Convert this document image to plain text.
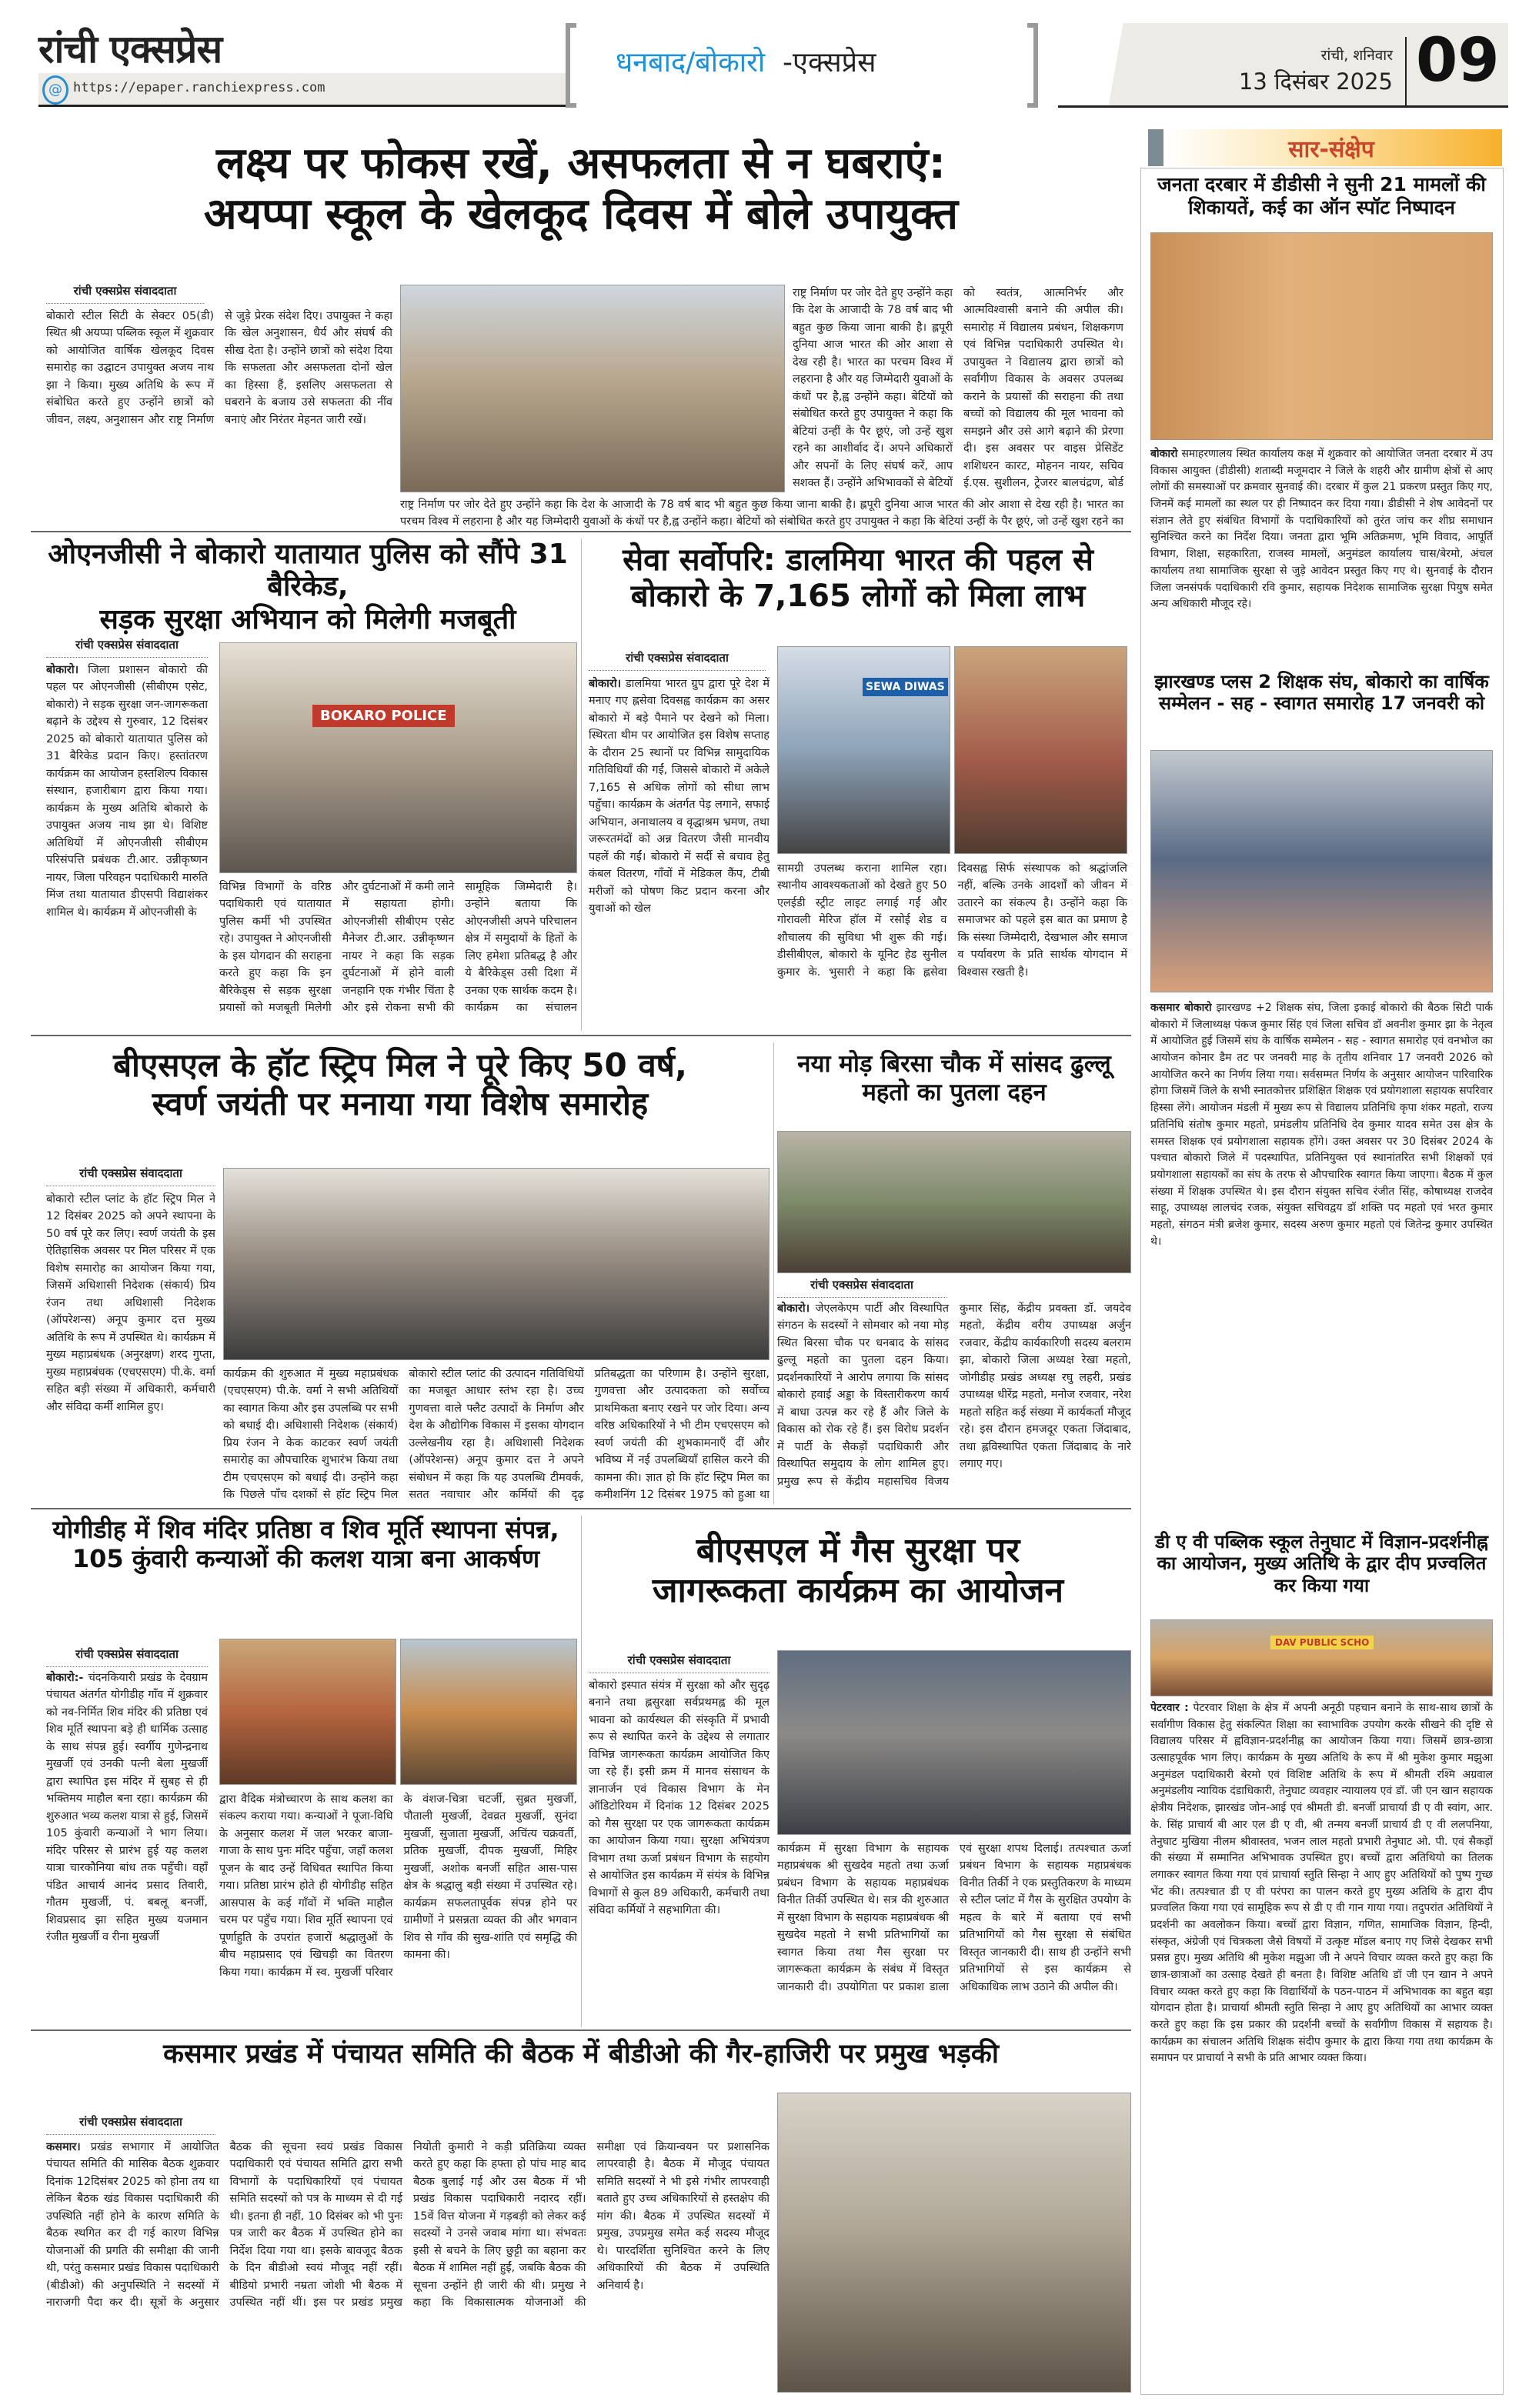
रांची एक्सप्रेस
@ https://epaper.ranchiexpress.com
धनबाद/बोकारो -एक्सप्रेस	रांची, शनिवार
13 दिसंबर 2025 09
लक्ष्य पर फोकस रखें, असफलता से न घबराएं:
अयप्पा स्कूल के खेलकूद दिवस में बोले उपायुक्त
रांची एक्सप्रेस संवाददाता
बोकारो स्टील सिटी के सेक्टर 05(डी) स्थित श्री अयप्पा पब्लिक स्कूल में शुक्रवार को आयोजित वार्षिक खेलकूद दिवस समारोह का उद्घाटन उपायुक्त अजय नाथ झा ने किया। मुख्य अतिथि के रूप में संबोधित करते हुए उन्होंने छात्रों को जीवन, लक्ष्य, अनुशासन और राष्ट्र निर्माण से जुड़े प्रेरक संदेश दिए। उपायुक्त ने कहा कि खेल अनुशासन, धैर्य और संघर्ष की सीख देता है। उन्होंने छात्रों को संदेश दिया कि सफलता और असफलता दोनों खेल का हिस्सा हैं, इसलिए असफलता से घबराने के बजाय उसे सफलता की नींव बनाएं और निरंतर मेहनत जारी रखें।
राष्ट्र निर्माण पर जोर देते हुए उन्होंने कहा कि देश के आजादी के 78 वर्ष बाद भी बहुत कुछ किया जाना बाकी है। ह्लपूरी दुनिया आज भारत की ओर आशा से देख रही है। भारत का परचम विश्व में लहराना है और यह जिम्मेदारी युवाओं के कंधों पर है,ह्व उन्होंने कहा। बेटियों को संबोधित करते हुए उपायुक्त ने कहा कि बेटियां उन्हीं के पैर छूएं, जो उन्हें खुश रहने का
राष्ट्र निर्माण पर जोर देते हुए उन्होंने कहा कि देश के आजादी के 78 वर्ष बाद भी बहुत कुछ किया जाना बाकी है। ह्लपूरी दुनिया आज भारत की ओर आशा से देख रही है। भारत का परचम विश्व में लहराना है और यह जिम्मेदारी युवाओं के कंधों पर है,ह्व उन्होंने कहा। बेटियों को संबोधित करते हुए उपायुक्त ने कहा कि बेटियां उन्हीं के पैर छूएं, जो उन्हें खुश रहने का आशीर्वाद दें। अपने अधिकारों और सपनों के लिए संघर्ष करें, आप सशक्त हैं। उन्होंने अभिभावकों से बेटियों को स्वतंत्र, आत्मनिर्भर और आत्मविश्वासी बनाने की अपील की। समारोह में विद्यालय प्रबंधन, शिक्षकगण एवं विभिन्न पदाधिकारी उपस्थित थे। उपायुक्त ने विद्यालय द्वारा छात्रों को सर्वांगीण विकास के अवसर उपलब्ध कराने के प्रयासों की सराहना की तथा बच्चों को विद्यालय की मूल भावना को समझने और उसे आगे बढ़ाने की प्रेरणा दी। इस अवसर पर वाइस प्रेसिडेंट शशिधरन कारट, मोहनन नायर, सचिव ई.एस. सुशीलन, ट्रेजरर बालचंद्रण, बोर्ड
ओएनजीसी ने बोकारो यातायात पुलिस को सौंपे 31 बैरिकेड,
सड़क सुरक्षा अभियान को मिलेगी मजबूती
रांची एक्सप्रेस संवाददाता
बोकारो। जिला प्रशासन बोकारो की पहल पर ओएनजीसी (सीबीएम एसेट, बोकारो) ने सड़क सुरक्षा जन-जागरूकता बढ़ाने के उद्देश्य से गुरुवार, 12 दिसंबर 2025 को बोकारो यातायात पुलिस को 31 बैरिकेड प्रदान किए। हस्तांतरण कार्यक्रम का आयोजन हस्तशिल्प विकास संस्थान, हजारीबाग द्वारा किया गया। कार्यक्रम के मुख्य अतिथि बोकारो के उपायुक्त अजय नाथ झा थे। विशिष्ट अतिथियों में ओएनजीसी सीबीएम परिसंपत्ति प्रबंधक टी.आर. उन्नीकृष्णन नायर, जिला परिवहन पदाधिकारी मारुति मिंज तथा यातायात डीएसपी विद्याशंकर शामिल थे। कार्यक्रम में ओएनजीसी के
BOKARO POLICE
विभिन्न विभागों के वरिष्ठ पदाधिकारी एवं यातायात पुलिस कर्मी भी उपस्थित रहे। उपायुक्त ने ओएनजीसी के इस योगदान की सराहना करते हुए कहा कि इन बैरिकेड्स से सड़क सुरक्षा प्रयासों को मजबूती मिलेगी और दुर्घटनाओं में कमी लाने में सहायता होगी। ओएनजीसी सीबीएम एसेट मैनेजर टी.आर. उन्नीकृष्णन नायर ने कहा कि सड़क दुर्घटनाओं में होने वाली जनहानि एक गंभीर चिंता है और इसे रोकना सभी की सामूहिक जिम्मेदारी है। उन्होंने बताया कि ओएनजीसी अपने परिचालन क्षेत्र में समुदायों के हितों के लिए हमेशा प्रतिबद्ध है और ये बैरिकेड्स उसी दिशा में उनका एक सार्थक कदम है। कार्यक्रम का संचालन
सेवा सर्वोपरि: डालमिया भारत की पहल से
बोकारो के 7,165 लोगों को मिला लाभ
रांची एक्सप्रेस संवाददाता
बोकारो। डालमिया भारत ग्रुप द्वारा पूरे देश में मनाए गए ह्लसेवा दिवसह्व कार्यक्रम का असर बोकारो में बड़े पैमाने पर देखने को मिला। स्थिरता थीम पर आयोजित इस विशेष सप्ताह के दौरान 25 स्थानों पर विभिन्न सामुदायिक गतिविधियाँ की गईं, जिससे बोकारो में अकेले 7,165 से अधिक लोगों को सीधा लाभ पहुँचा। कार्यक्रम के अंतर्गत पेड़ लगाने, सफाई अभियान, अनाथालय व वृद्धाश्रम भ्रमण, तथा जरूरतमंदों को अन्न वितरण जैसी मानवीय पहलें की गईं। बोकारो में सर्दी से बचाव हेतु कंबल वितरण, गाँवों में मेडिकल कैंप, टीबी मरीजों को पोषण किट प्रदान करना और युवाओं को खेल
SEWA DIWAS
सामग्री उपलब्ध कराना शामिल रहा। स्थानीय आवश्यकताओं को देखते हुए 50 एलईडी स्ट्रीट लाइट लगाई गईं और गोरावली मेरिज हॉल में रसोई शेड व शौचालय की सुविधा भी शुरू की गई। डीसीबीएल, बोकारो के यूनिट हेड सुनील कुमार के. भुसारी ने कहा कि ह्लसेवा दिवसह्व सिर्फ संस्थापक को श्रद्धांजलि नहीं, बल्कि उनके आदर्शों को जीवन में उतारने का संकल्प है। उन्होंने कहा कि समाजभर को पहले इस बात का प्रमाण है कि संस्था जिम्मेदारी, देखभाल और समाज व पर्यावरण के प्रति सार्थक योगदान में विश्वास रखती है।
बीएसएल के हॉट स्ट्रिप मिल ने पूरे किए 50 वर्ष,
स्वर्ण जयंती पर मनाया गया विशेष समारोह
रांची एक्सप्रेस संवाददाता
बोकारो स्टील प्लांट के हॉट स्ट्रिप मिल ने 12 दिसंबर 2025 को अपने स्थापना के 50 वर्ष पूरे कर लिए। स्वर्ण जयंती के इस ऐतिहासिक अवसर पर मिल परिसर में एक विशेष समारोह का आयोजन किया गया, जिसमें अधिशासी निदेशक (संकार्य) प्रिय रंजन तथा अधिशासी निदेशक (ऑपरेशन्स) अनूप कुमार दत्त मुख्य अतिथि के रूप में उपस्थित थे। कार्यक्रम में मुख्य महाप्रबंधक (अनुरक्षण) शरद गुप्ता, मुख्य महाप्रबंधक (एचएसएम) पी.के. वर्मा सहित बड़ी संख्या में अधिकारी, कर्मचारी और संविदा कर्मी शामिल हुए।
कार्यक्रम की शुरुआत में मुख्य महाप्रबंधक (एचएसएम) पी.के. वर्मा ने सभी अतिथियों का स्वागत किया और इस उपलब्धि पर सभी को बधाई दी। अधिशासी निदेशक (संकार्य) प्रिय रंजन ने केक काटकर स्वर्ण जयंती समारोह का औपचारिक शुभारंभ किया तथा टीम एचएसएम को बधाई दी। उन्होंने कहा कि पिछले पाँच दशकों से हॉट स्ट्रिप मिल बोकारो स्टील प्लांट की उत्पादन गतिविधियों का मजबूत आधार स्तंभ रहा है। उच्च गुणवत्ता वाले फ्लैट उत्पादों के निर्माण और देश के औद्योगिक विकास में इसका योगदान उल्लेखनीय रहा है। अधिशासी निदेशक (ऑपरेशन्स) अनूप कुमार दत्त ने अपने संबोधन में कहा कि यह उपलब्धि टीमवर्क, सतत नवाचार और कर्मियों की दृढ़ प्रतिबद्धता का परिणाम है। उन्होंने सुरक्षा, गुणवत्ता और उत्पादकता को सर्वोच्च प्राथमिकता बनाए रखने पर जोर दिया। अन्य वरिष्ठ अधिकारियों ने भी टीम एचएसएम को स्वर्ण जयंती की शुभकामनाएँ दीं और भविष्य में नई उपलब्धियाँ हासिल करने की कामना की। ज्ञात हो कि हॉट स्ट्रिप मिल का कमीशनिंग 12 दिसंबर 1975 को हुआ था
नया मोड़ बिरसा चौक में सांसद ढुल्लू
महतो का पुतला दहन
रांची एक्सप्रेस संवाददाता
बोकारो। जेएलकेएम पार्टी और विस्थापित संगठन के सदस्यों ने सोमवार को नया मोड़ स्थित बिरसा चौक पर धनबाद के सांसद ढुल्लू महतो का पुतला दहन किया। प्रदर्शनकारियों ने आरोप लगाया कि सांसद बोकारो हवाई अड्डा के विस्तारीकरण कार्य में बाधा उत्पन्न कर रहे हैं और जिले के विकास को रोक रहे हैं। इस विरोध प्रदर्शन में पार्टी के सैकड़ों पदाधिकारी और विस्थापित समुदाय के लोग शामिल हुए। प्रमुख रूप से केंद्रीय महासचिव विजय कुमार सिंह, केंद्रीय प्रवक्ता डॉ. जयदेव महतो, केंद्रीय वरीय उपाध्यक्ष अर्जुन रजवार, केंद्रीय कार्यकारिणी सदस्य बलराम झा, बोकारो जिला अध्यक्ष रेखा महतो, जोगीडीह प्रखंड अध्यक्ष रघु लहरी, प्रखंड उपाध्यक्ष धीरेंद्र महतो, मनोज रजवार, नरेश महतो सहित कई संख्या में कार्यकर्ता मौजूद रहे। इस दौरान हमजदूर एकता जिंदाबाद, तथा ह्लविस्थापित एकता जिंदाबाद के नारे लगाए गए।
योगीडीह में शिव मंदिर प्रतिष्ठा व शिव मूर्ति स्थापना संपन्न,
105 कुंवारी कन्याओं की कलश यात्रा बना आकर्षण
रांची एक्सप्रेस संवाददाता
बोकारो:- चंदनकियारी प्रखंड के देवग्राम पंचायत अंतर्गत योगीडीह गाँव में शुक्रवार को नव-निर्मित शिव मंदिर की प्रतिष्ठा एवं शिव मूर्ति स्थापना बड़े ही धार्मिक उत्साह के साथ संपन्न हुई। स्वर्गीय गुणेन्द्रनाथ मुखर्जी एवं उनकी पत्नी बेला मुखर्जी द्वारा स्थापित इस मंदिर में सुबह से ही भक्तिमय माहौल बना रहा। कार्यक्रम की शुरुआत भव्य कलश यात्रा से हुई, जिसमें 105 कुंवारी कन्याओं ने भाग लिया। मंदिर परिसर से प्रारंभ हुई यह कलश यात्रा चारकौनिया बांध तक पहुँची। वहाँ पंडित आचार्य आनंद प्रसाद तिवारी, गौतम मुखर्जी, पं. बबलू बनर्जी, शिवप्रसाद झा सहित मुख्य यजमान रंजीत मुखर्जी व रीना मुखर्जी
द्वारा वैदिक मंत्रोच्चारण के साथ कलश का संकल्प कराया गया। कन्याओं ने पूजा-विधि के अनुसार कलश में जल भरकर बाजा-गाजा के साथ पुनः मंदिर पहुँचा, जहाँ कलश पूजन के बाद उन्हें विधिवत स्थापित किया गया। प्रतिष्ठा प्रारंभ होते ही योगीडीह सहित आसपास के कई गाँवों में भक्ति माहौल चरम पर पहुँच गया। शिव मूर्ति स्थापना एवं पूर्णाहुति के उपरांत हजारों श्रद्धालुओं के बीच महाप्रसाद एवं खिचड़ी का वितरण किया गया। कार्यक्रम में स्व. मुखर्जी परिवार के वंशज-चित्रा चटर्जी, सुब्रत मुखर्जी, पौताली मुखर्जी, देवव्रत मुखर्जी, सुनंदा मुखर्जी, सुजाता मुखर्जी, अचिंत्य चक्रवर्ती, प्रतिक मुखर्जी, दीपक मुखर्जी, मिहिर मुखर्जी, अशोक बनर्जी सहित आस-पास क्षेत्र के श्रद्धालु बड़ी संख्या में उपस्थित रहे। कार्यक्रम सफलतापूर्वक संपन्न होने पर ग्रामीणों ने प्रसन्नता व्यक्त की और भगवान शिव से गाँव की सुख-शांति एवं समृद्धि की कामना की।
बीएसएल में गैस सुरक्षा पर
जागरूकता कार्यक्रम का आयोजन
रांची एक्सप्रेस संवाददाता
बोकारो इस्पात संयंत्र में सुरक्षा को और सुदृढ़ बनाने तथा ह्लसुरक्षा सर्वप्रथमह्व की मूल भावना को कार्यस्थल की संस्कृति में प्रभावी रूप से स्थापित करने के उद्देश्य से लगातार विभिन्न जागरूकता कार्यक्रम आयोजित किए जा रहे हैं। इसी क्रम में मानव संसाधन के ज्ञानार्जन एवं विकास विभाग के मेन ऑडिटोरियम में दिनांक 12 दिसंबर 2025 को गैस सुरक्षा पर एक जागरूकता कार्यक्रम का आयोजन किया गया। सुरक्षा अभियंत्रण विभाग तथा ऊर्जा प्रबंधन विभाग के सहयोग से आयोजित इस कार्यक्रम में संयंत्र के विभिन्न विभागों से कुल 89 अधिकारी, कर्मचारी तथा संविदा कर्मियों ने सहभागिता की।
कार्यक्रम में सुरक्षा विभाग के सहायक महाप्रबंधक श्री सुखदेव महतो तथा ऊर्जा प्रबंधन विभाग के सहायक महाप्रबंधक विनीत तिर्की उपस्थित थे। सत्र की शुरुआत में सुरक्षा विभाग के सहायक महाप्रबंधक श्री सुखदेव महतो ने सभी प्रतिभागियों का स्वागत किया तथा गैस सुरक्षा पर जागरूकता कार्यक्रम के संबंध में विस्तृत जानकारी दी। उपयोगिता पर प्रकाश डाला एवं सुरक्षा शपथ दिलाई। तत्पश्चात ऊर्जा प्रबंधन विभाग के सहायक महाप्रबंधक विनीत तिर्की ने एक प्रस्तुतिकरण के माध्यम से स्टील प्लांट में गैस के सुरक्षित उपयोग के महत्व के बारे में बताया एवं सभी प्रतिभागियों को गैस सुरक्षा से संबंधित विस्तृत जानकारी दी। साथ ही उन्होंने सभी प्रतिभागियों से इस कार्यक्रम से अधिकाधिक लाभ उठाने की अपील की।
कसमार प्रखंड में पंचायत समिति की बैठक में बीडीओ की गैर-हाजिरी पर प्रमुख भड़की
रांची एक्सप्रेस संवाददाता
कसमार। प्रखंड सभागार में आयोजित पंचायत समिति की मासिक बैठक शुक्रवार दिनांक 12दिसंबर 2025 को होना तय था लेकिन बैठक खंड विकास पदाधिकारी की उपस्थिति नहीं होने के कारण समिति के बैठक स्थगित कर दी गई कारण विभिन्न योजनाओं की प्रगति की समीक्षा की जानी थी, परंतु कसमार प्रखंड विकास पदाधिकारी (बीडीओ) की अनुपस्थिति ने सदस्यों में नाराजगी पैदा कर दी। सूत्रों के अनुसार बैठक की सूचना स्वयं प्रखंड विकास पदाधिकारी एवं पंचायत समिति द्वारा सभी विभागों के पदाधिकारियों एवं पंचायत समिति सदस्यों को पत्र के माध्यम से दी गई थी। इतना ही नहीं, 10 दिसंबर को भी पुनः पत्र जारी कर बैठक में उपस्थित होने का निर्देश दिया गया था। इसके बावजूद बैठक के दिन बीडीओ स्वयं मौजूद नहीं रहीं। बीडियो प्रभारी नम्रता जोशी भी बैठक में उपस्थित नहीं थीं। इस पर प्रखंड प्रमुख नियोती कुमारी ने कड़ी प्रतिक्रिया व्यक्त करते हुए कहा कि हफ्ता हो पांच माह बाद बैठक बुलाई गई और उस बैठक में भी प्रखंड विकास पदाधिकारी नदारद रहीं। 15वें वित्त योजना में गड़बड़ी को लेकर कई सदस्यों ने उनसे जवाब मांगा था। संभवतः इसी से बचने के लिए छुट्टी का बहाना कर बैठक में शामिल नहीं हुईं, जबकि बैठक की सूचना उन्होंने ही जारी की थी। प्रमुख ने कहा कि विकासात्मक योजनाओं की समीक्षा एवं क्रियान्वयन पर प्रशासनिक लापरवाही है। बैठक में मौजूद पंचायत समिति सदस्यों ने भी इसे गंभीर लापरवाही बताते हुए उच्च अधिकारियों से हस्तक्षेप की मांग की। बैठक में उपस्थित सदस्यों में प्रमुख, उपप्रमुख समेत कई सदस्य मौजूद थे। पारदर्शिता सुनिश्चित करने के लिए अधिकारियों की बैठक में उपस्थिति अनिवार्य है।
सार-संक्षेप
जनता दरबार में डीडीसी ने सुनी 21 मामलों की शिकायतें, कई का ऑन स्पॉट निष्पादन
बोकारो समाहरणालय स्थित कार्यालय कक्ष में शुक्रवार को आयोजित जनता दरबार में उप विकास आयुक्त (डीडीसी) शताब्दी मजूमदार ने जिले के शहरी और ग्रामीण क्षेत्रों से आए लोगों की समस्याओं पर क्रमवार सुनवाई की। दरबार में कुल 21 प्रकरण प्रस्तुत किए गए, जिनमें कई मामलों का स्थल पर ही निष्पादन कर दिया गया। डीडीसी ने शेष आवेदनों पर संज्ञान लेते हुए संबंधित विभागों के पदाधिकारियों को तुरंत जांच कर शीघ्र समाधान सुनिश्चित करने का निर्देश दिया। जनता द्वारा भूमि अतिक्रमण, भूमि विवाद, आपूर्ति विभाग, शिक्षा, सहकारिता, राजस्व मामलों, अनुमंडल कार्यालय चास/बेरमो, अंचल कार्यालय तथा सामाजिक सुरक्षा से जुड़े आवेदन प्रस्तुत किए गए थे। सुनवाई के दौरान जिला जनसंपर्क पदाधिकारी रवि कुमार, सहायक निदेशक सामाजिक सुरक्षा पियुष समेत अन्य अधिकारी मौजूद रहे।
झारखण्ड प्लस 2 शिक्षक संघ, बोकारो का वार्षिक सम्मेलन - सह - स्वागत समारोह 17 जनवरी को
कसमार बोकारो झारखण्ड +2 शिक्षक संघ, जिला इकाई बोकारो की बैठक सिटी पार्क बोकारो में जिलाध्यक्ष पंकज कुमार सिंह एवं जिला सचिव डॉ अवनीश कुमार झा के नेतृत्व में आयोजित हुई जिसमें संघ के वार्षिक सम्मेलन - सह - स्वागत समारोह एवं वनभोज का आयोजन कोनार डैम तट पर जनवरी माह के तृतीय शनिवार 17 जनवरी 2026 को आयोजित करने का निर्णय लिया गया। सर्वसम्मत निर्णय के अनुसार आयोजन पारिवारिक होगा जिसमें जिले के सभी स्नातकोत्तर प्रशिक्षित शिक्षक एवं प्रयोगशाला सहायक सपरिवार हिस्सा लेंगे। आयोजन मंडली में मुख्य रूप से विद्यालय प्रतिनिधि कृपा शंकर महतो, राज्य प्रतिनिधि संतोष कुमार महतो, प्रमंडलीय प्रतिनिधि देव कुमार यादव समेत उस क्षेत्र के समस्त शिक्षक एवं प्रयोगशाला सहायक होंगे। उक्त अवसर पर 30 दिसंबर 2024 के पश्चात बोकारो जिले में पदस्थापित, प्रतिनियुक्त एवं स्थानांतरित सभी शिक्षकों एवं प्रयोगशाला सहायकों का संघ के तरफ से औपचारिक स्वागत किया जाएगा। बैठक में कुल संख्या में शिक्षक उपस्थित थे। इस दौरान संयुक्त सचिव रंजीत सिंह, कोषाध्यक्ष राजदेव साहू, उपाध्यक्ष लालचंद रजक, संयुक्त सचिवद्वय डॉ शक्ति पद महतो एवं भरत कुमार महतो, संगठन मंत्री ब्रजेश कुमार, सदस्य अरुण कुमार महतो एवं जितेन्द्र कुमार उपस्थित थे।
डी ए वी पब्लिक स्कूल तेनुघाट में विज्ञान-प्रदर्शनीह्न का आयोजन, मुख्य अतिथि के द्वार दीप प्रज्वलित कर किया गया
DAV PUBLIC SCHO
पेटरवार : पेटरवार शिक्षा के क्षेत्र में अपनी अनूठी पहचान बनाने के साथ-साथ छात्रों के सर्वांगीण विकास हेतु संकल्पित शिक्षा का स्वाभाविक उपयोग करके सीखने की दृष्टि से विद्यालय परिसर में ह्वविज्ञान-प्रदर्शनीह्न का आयोजन किया गया। जिसमें छात्र-छात्रा उत्साहपूर्वक भाग लिए। कार्यक्रम के मुख्य अतिथि के रूप में श्री मुकेश कुमार मझुआ अनुमंडल पदाधिकारी बेरमो एवं विशिष्ट अतिथि के रूप में श्रीमती रश्मि अग्रवाल अनुमंडलीय न्यायिक दंडाधिकारी, तेनुघाट व्यवहार न्यायालय एवं डॉ. जी एन खान सहायक क्षेत्रीय निदेशक, झारखंड जोन-आई एवं श्रीमती डी. बनर्जी प्राचार्या डी ए वी स्वांग, आर. के. सिंह प्राचार्य बी आर एल डी ए वी, श्री तन्मय बनर्जी प्राचार्य डी ए वी ललपनिया, तेनुघाट मुखिया नीलम श्रीवास्तव, भजन लाल महतो प्रभारी तेनुघाट ओ. पी. एवं सैकड़ों की संख्या में सम्मानित अभिभावक उपस्थित हुए। बच्चों द्वारा अतिथियो का तिलक लगाकर स्वागत किया गया एवं प्राचार्या स्तुति सिन्हा ने आए हुए अतिथियों को पुष्प गुच्छ भेंट की। तत्पश्चात डी ए वी परंपरा का पालन करते हुए मुख्य अतिथि के द्वारा दीप प्रज्वलित किया गया एवं सामूहिक रूप से डी ए वी गान गाया गया। तदुपरांत अतिथियों ने प्रदर्शनी का अवलोकन किया। बच्चों द्वारा विज्ञान, गणित, सामाजिक विज्ञान, हिन्दी, संस्कृत, अंग्रेजी एवं चित्रकला जैसे विषयों में उत्कृष्ट मॉडल बनाए गए जिसे देखकर सभी प्रसन्न हुए। मुख्य अतिथि श्री मुकेश मझुआ जी ने अपने विचार व्यक्त करते हुए कहा कि छात्र-छात्राओं का उत्साह देखते ही बनता है। विशिष्ट अतिथि डॉ जी एन खान ने अपने विचार व्यक्त करते हुए कहा कि विद्यार्थियों के पठन-पाठन में अभिभावक का बहुत बड़ा योगदान होता है। प्राचार्या श्रीमती स्तुति सिन्हा ने आए हुए अतिथियों का आभार व्यक्त करते हुए कहा कि इस प्रकार की प्रदर्शनी बच्चों के सर्वांगीण विकास में सहायक है। कार्यक्रम का संचालन अतिथि शिक्षक संदीप कुमार के द्वारा किया गया तथा कार्यक्रम के समापन पर प्राचार्या ने सभी के प्रति आभार व्यक्त किया।
